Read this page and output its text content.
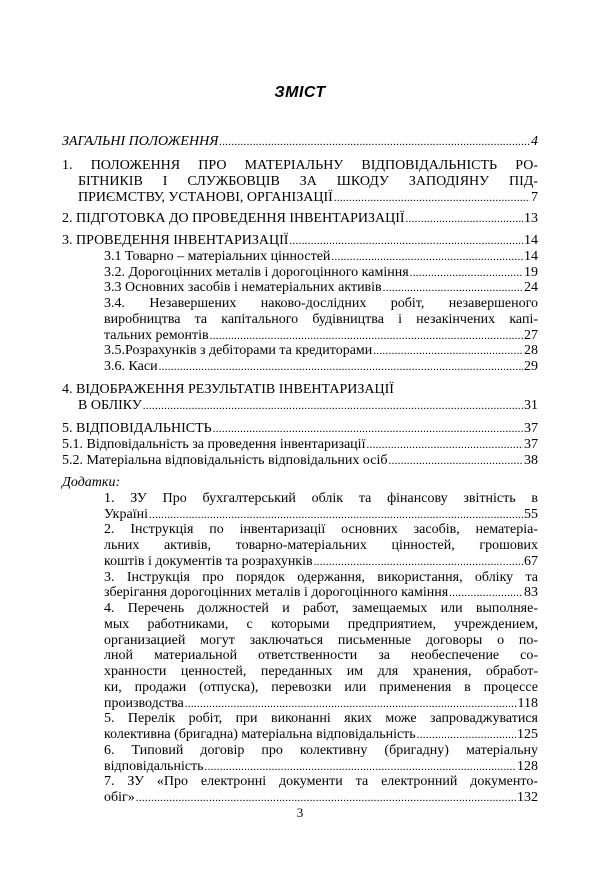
ЗМІСТ
ЗАГАЛЬНІ ПОЛОЖЕННЯ .....	4
1. ПОЛОЖЕННЯ ПРО МАТЕРІАЛЬНУ ВІДПОВІДАЛЬНІСТЬ РО-
БІТНИКІВ І СЛУЖБОВЦІВ ЗА ШКОДУ ЗАПОДІЯНУ ПІД-
ПРИЄМСТВУ, УСТАНОВІ, ОРГАНІЗАЦІЇ .....	7
2. ПІДГОТОВКА ДО ПРОВЕДЕННЯ ІНВЕНТАРИЗАЦІЇ .....	13
3. ПРОВЕДЕННЯ ІНВЕНТАРИЗАЦІЇ .....	14
3.1 Товарно – матеріальних цінностей .....	14
3.2. Дорогоцінних металів і дорогоцінного каміння .....	19
3.3 Основних засобів і нематеріальних активів .....	24
3.4. Незавершених наково-дослідних робіт, незавершеного
виробництва та капітального будівництва і незакінчених капі-
тальних ремонтів .....	27
3.5.Розрахунків з дебіторами та кредиторами .....	28
3.6. Каси .....	29
4. ВІДОБРАЖЕННЯ РЕЗУЛЬТАТІВ ІНВЕНТАРИЗАЦІЇ
В ОБЛІКУ .....	31
5. ВІДПОВІДАЛЬНІСТЬ .....	37
5.1. Відповідальність за проведення інвентаризації .....	37
5.2. Матеріальна відповідальність відповідальних осіб .....	38
Додатки:
1. ЗУ Про бухгалтерський облік та фінансову звітність в
Україні .....	55
2. Інструкція по інвентаризації основних засобів, нематеріа-
льних активів, товарно-матеріальних цінностей, грошових
коштів і документів та розрахунків .....	67
3. Інструкція про порядок одержання, використання, обліку та
зберігання дорогоцінних металів і дорогоцінного каміння .....	83
4. Перечень должностей и работ, замещаемых или выполняе-
мых работниками, с которыми предприятием, учреждением,
организацией могут заключаться письменные договоры о по-
лной материальной ответственности за необеспечение со-
хранности ценностей, переданных им для хранения, обработ-
ки, продажи (отпуска), перевозки или применения в процессе
производства .....	118
5. Перелік робіт, при виконанні яких може запроваджуватися
колективна (бригадна) матеріальна відповідальність .....	125
6. Типовий договір про колективну (бригадну) матеріальну
відповідальність .....	128
7. ЗУ «Про електронні документи та електронний документо-
обіг» .....	132
3
